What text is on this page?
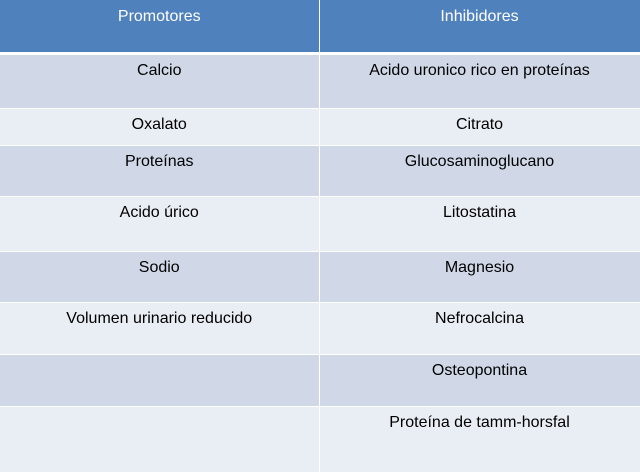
Promotores	Inhibidores
Calcio	Acido uronico rico en proteínas
Oxalato	Citrato
Proteínas	Glucosaminoglucano
Acido úrico	Litostatina
Sodio	Magnesio
Volumen urinario reducido	Nefrocalcina
	Osteopontina
	Proteína de tamm-horsfal
